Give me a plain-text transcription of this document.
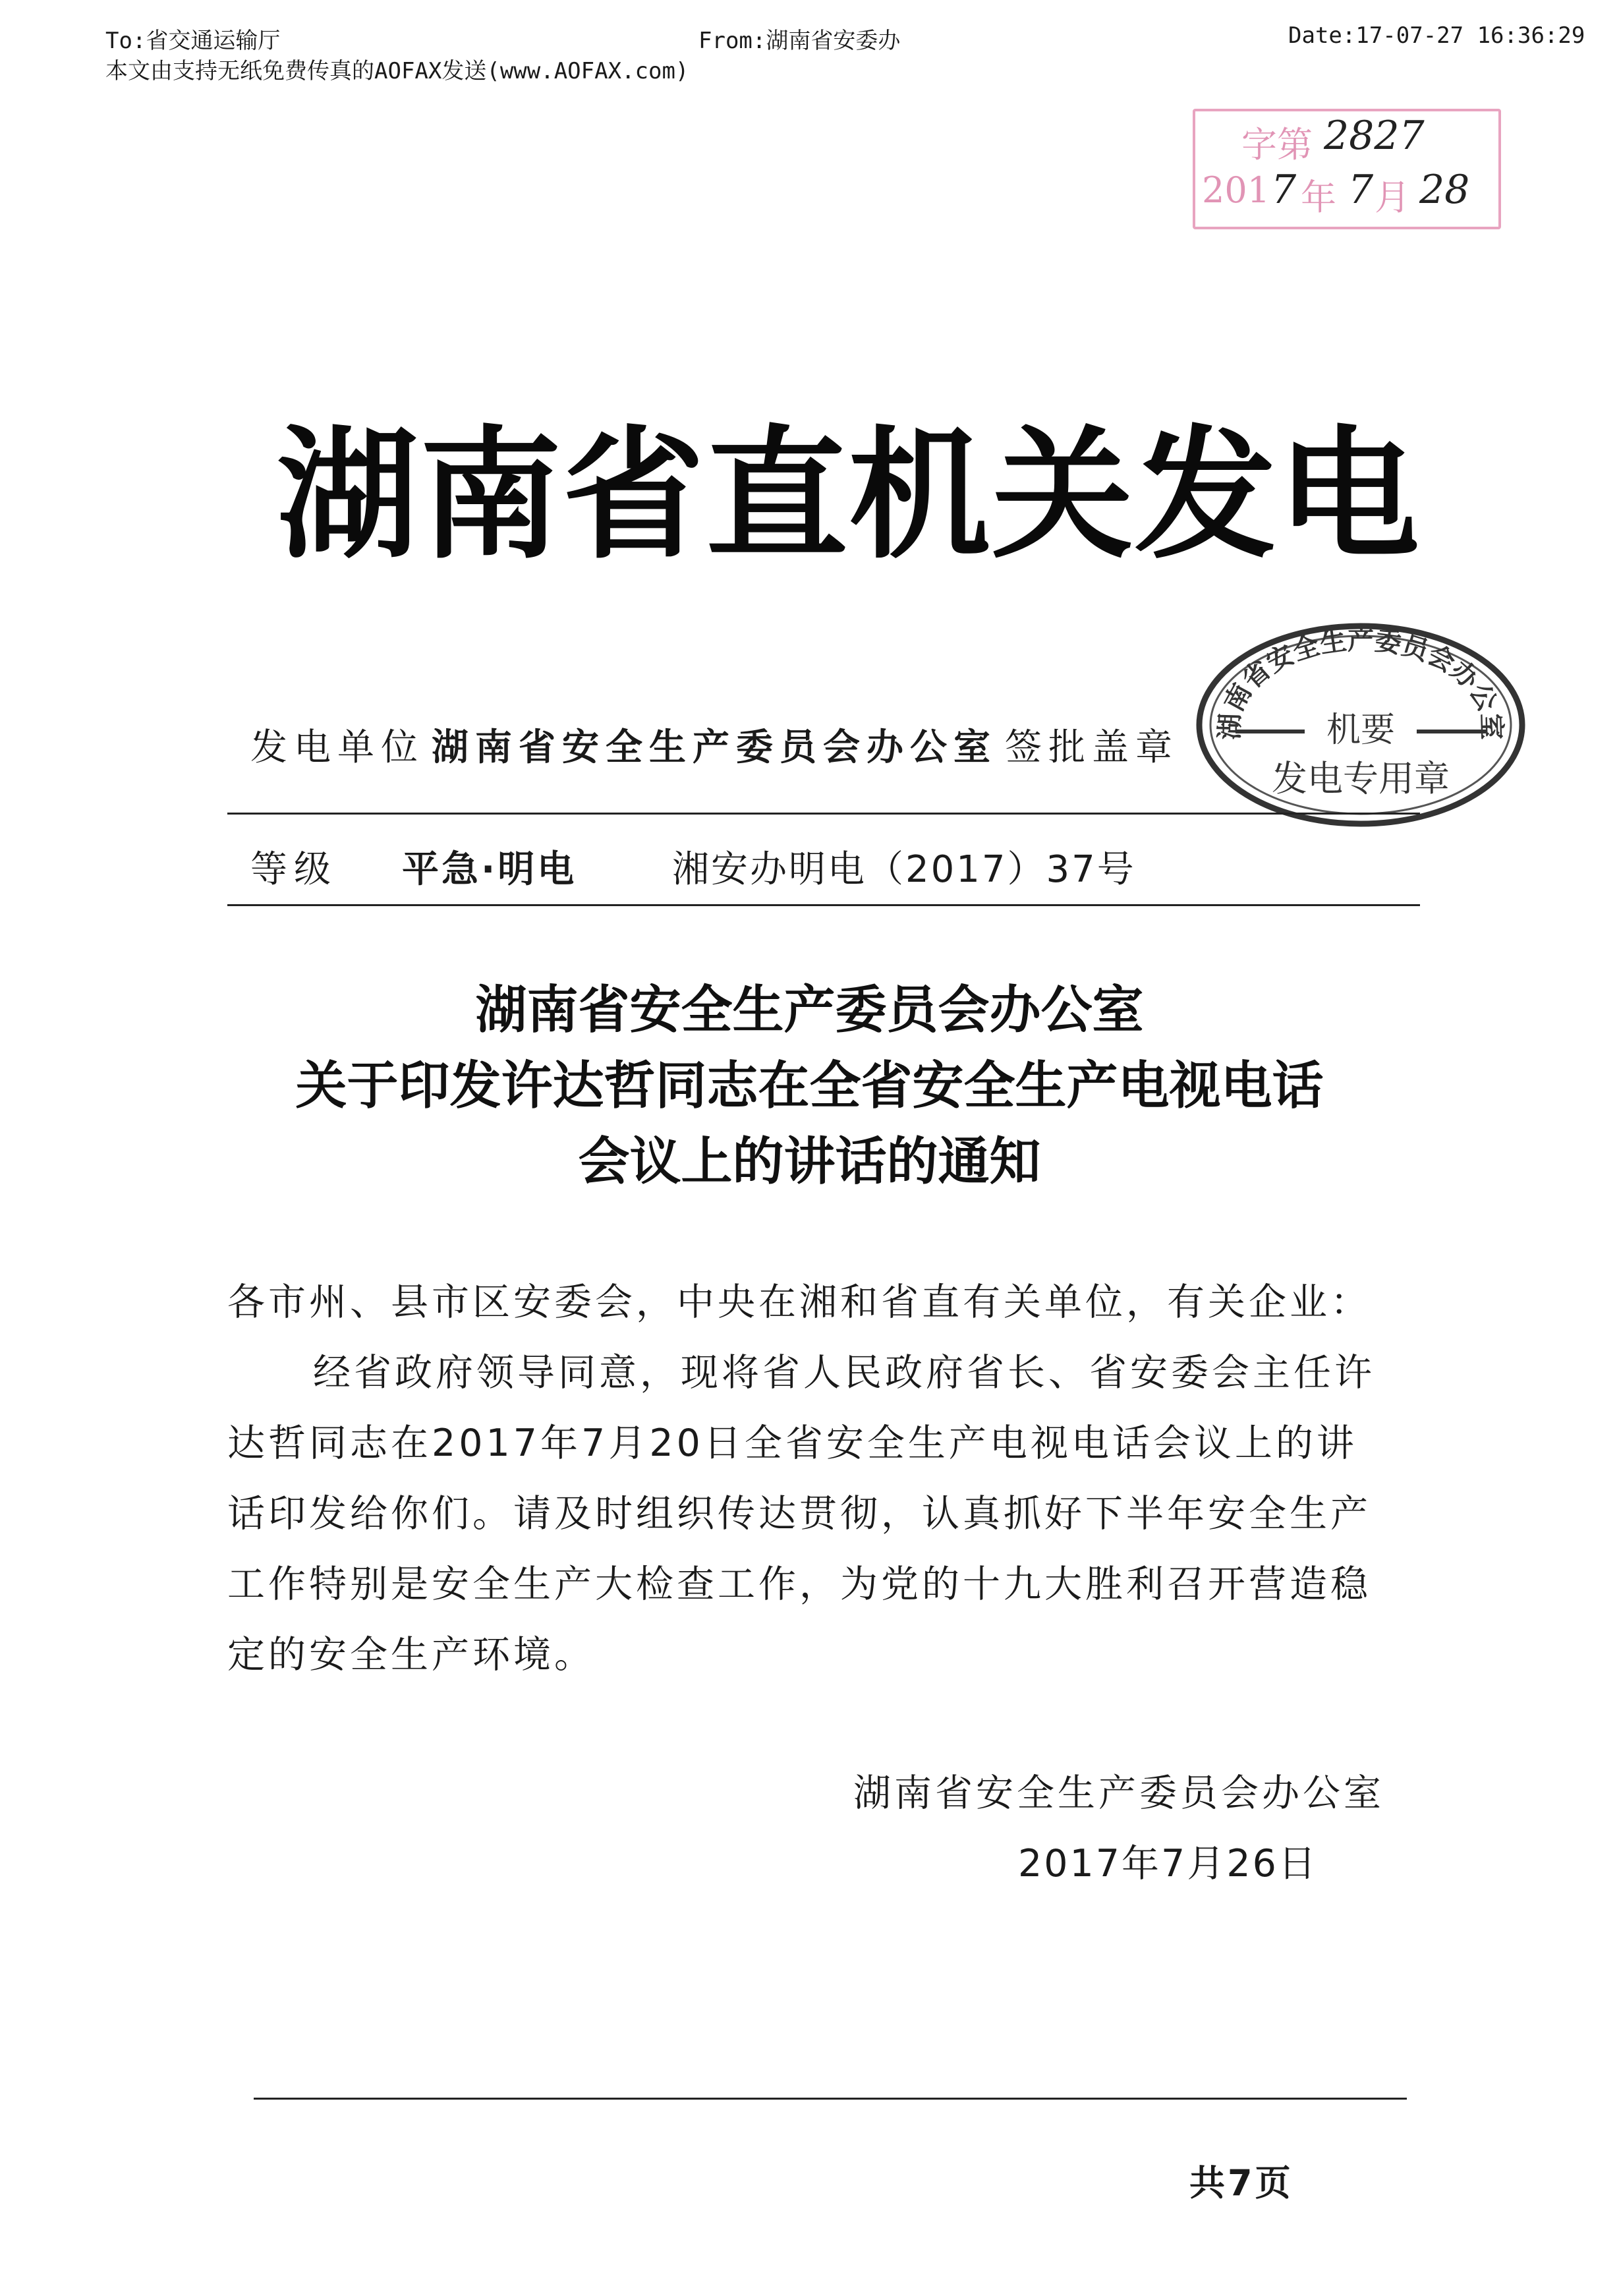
To:省交通运输厅	From:湖南省安委办	Date:17-07-27 16:36:29
本文由支持无纸免费传真的AOFAX发送(www.AOFAX.com)
字第 2827
201 7 年 7 月 28
湖南省直机关发电
发电单位 湖南省安全生产委员会办公室 签批盖章 湖南省安全生产委员会办公室
机要
发电专用章
等级 平急·明电	湘安办明电（2017）37号
湖南省安全生产委员会办公室
关于印发许达哲同志在全省安全生产电视电话
会议上的讲话的通知
各市州、县市区安委会，中央在湘和省直有关单位，有关企业：
经省政府领导同意，现将省人民政府省长、省安委会主任许
达哲同志在2017年7月20日全省安全生产电视电话会议上的讲
话印发给你们。请及时组织传达贯彻，认真抓好下半年安全生产
工作特别是安全生产大检查工作，为党的十九大胜利召开营造稳
定的安全生产环境。
湖南省安全生产委员会办公室
2017年7月26日
共7页
